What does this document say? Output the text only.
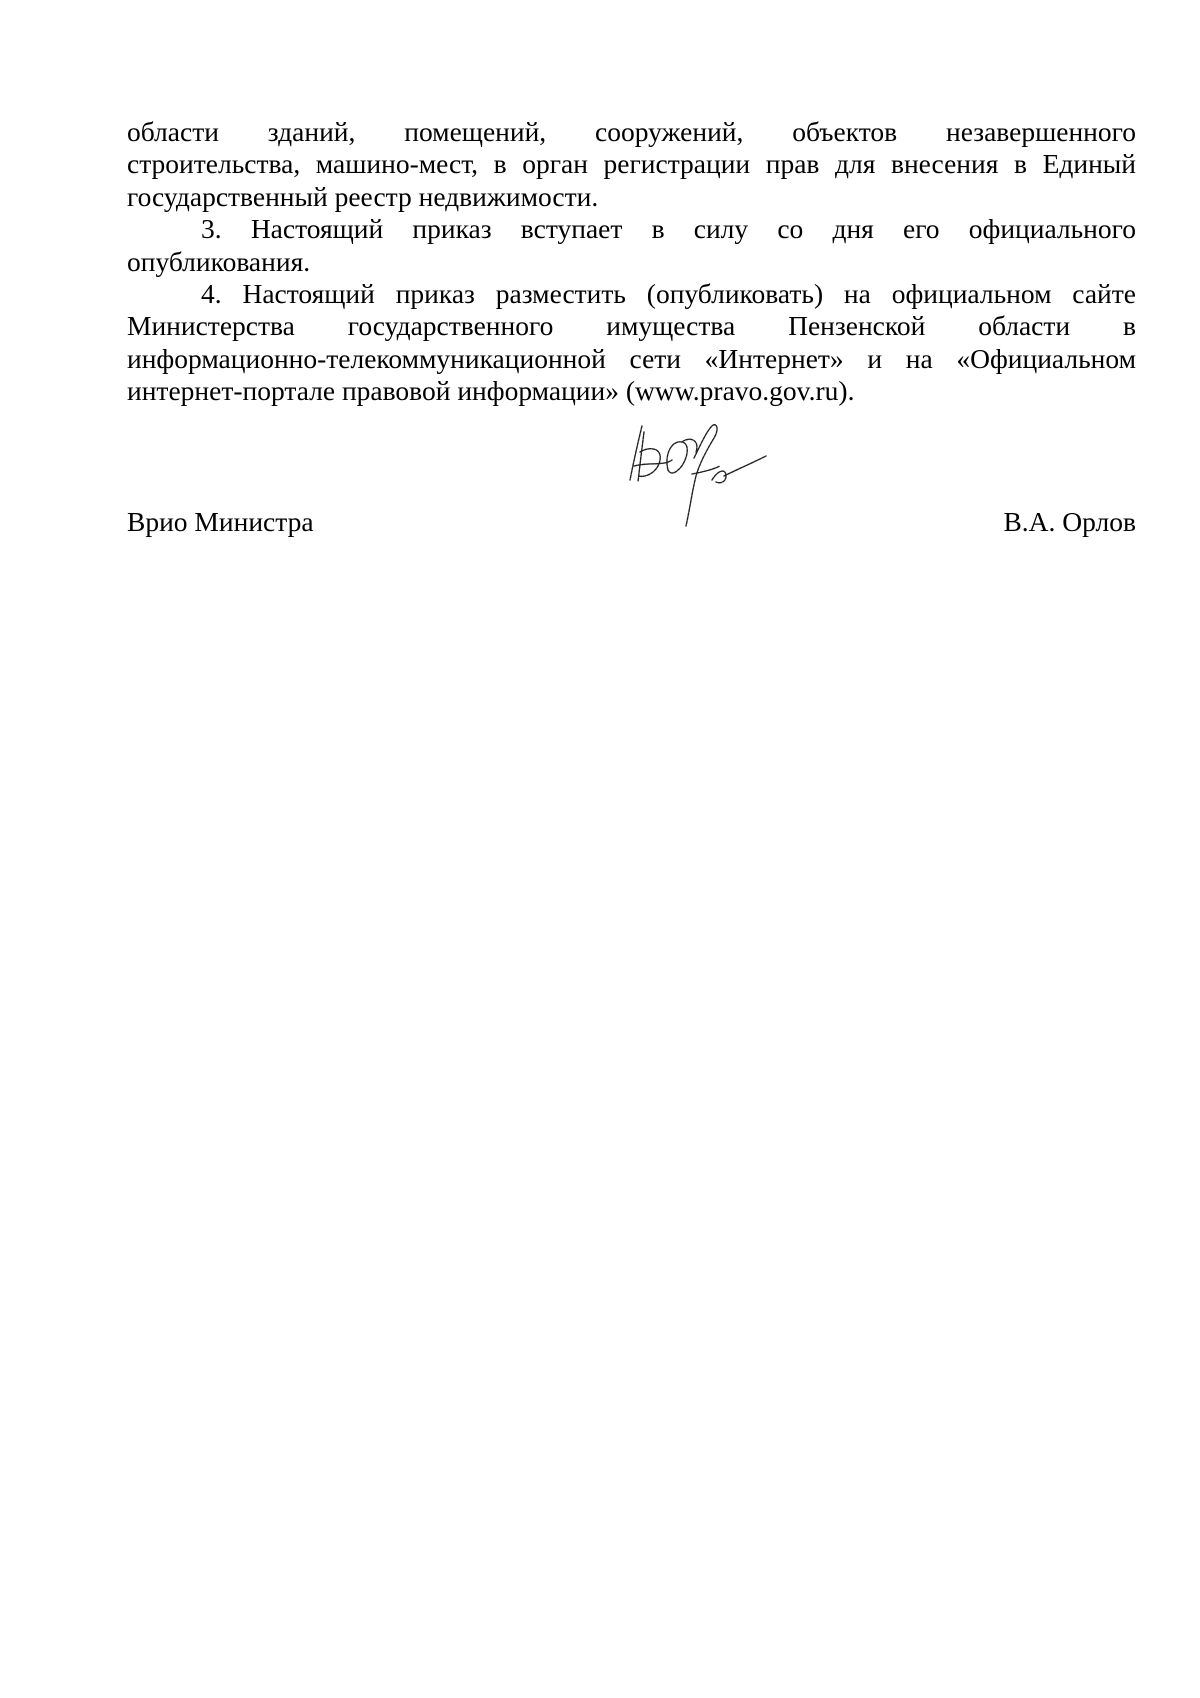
области зданий, помещений, сооружений, объектов незавершенного
строительства, машино-мест, в орган регистрации прав для внесения в Единый
государственный реестр недвижимости.
3. Настоящий приказ вступает в силу со дня его официального
опубликования.
4. Настоящий приказ разместить (опубликовать) на официальном сайте
Министерства государственного имущества Пензенской области в
информационно-телекоммуникационной сети «Интернет» и на «Официальном
интернет-портале правовой информации» (www.pravo.gov.ru).
Врио Министра	В.А. Орлов
